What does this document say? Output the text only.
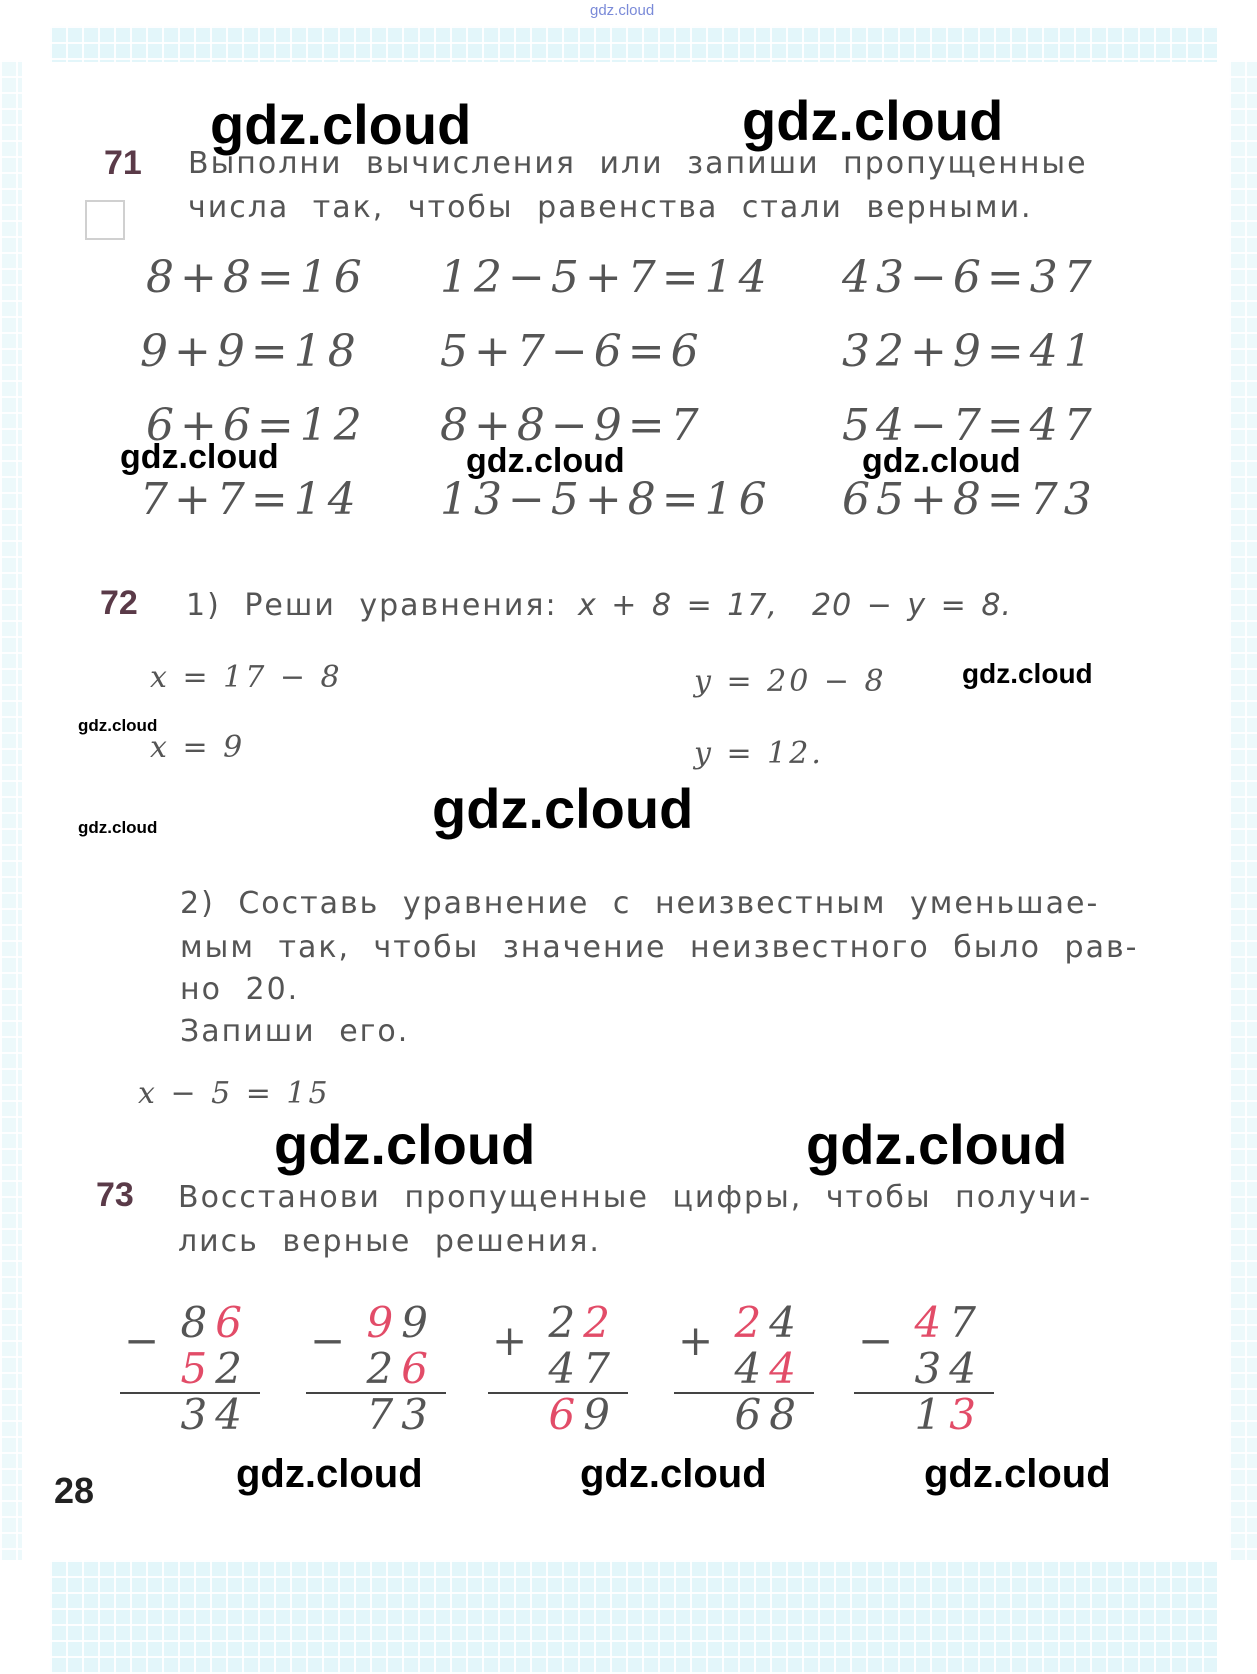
gdz.cloud
71 Выполни вычисления или запиши пропущенные
числа так, чтобы равенства стали верными.
8+8=16 12−5+7=14 43−6=37
9+9=18 5+7−6=6	32+9=41
6+6=12 8+8−9=7	54−7=47
7+7=14 13−5+8=16 65+8=73
72 1) Реши уравнения: x + 8 = 17, 20 − y = 8.
x = 17 − 8
x = 9
y = 20 − 8
y = 12.
2) Составь уравнение с неизвестным уменьшае-
мым так, чтобы значение неизвестного было рав-
но 20.
Запиши его.
x − 5 = 15
73 Восстанови пропущенные цифры, чтобы получи-
лись верные решения.
− 86
52
34
− 99
26
73
+ 22
47
69
+ 24
44
68
− 47
34
13
28
gdz.cloud	gdz.cloud
gdz.cloud	gdz.cloud	gdz.cloud
gdz.cloud
gdz.cloud
gdz.cloud
gdz.cloud
gdz.cloud	gdz.cloud
gdz.cloud	gdz.cloud	gdz.cloud
